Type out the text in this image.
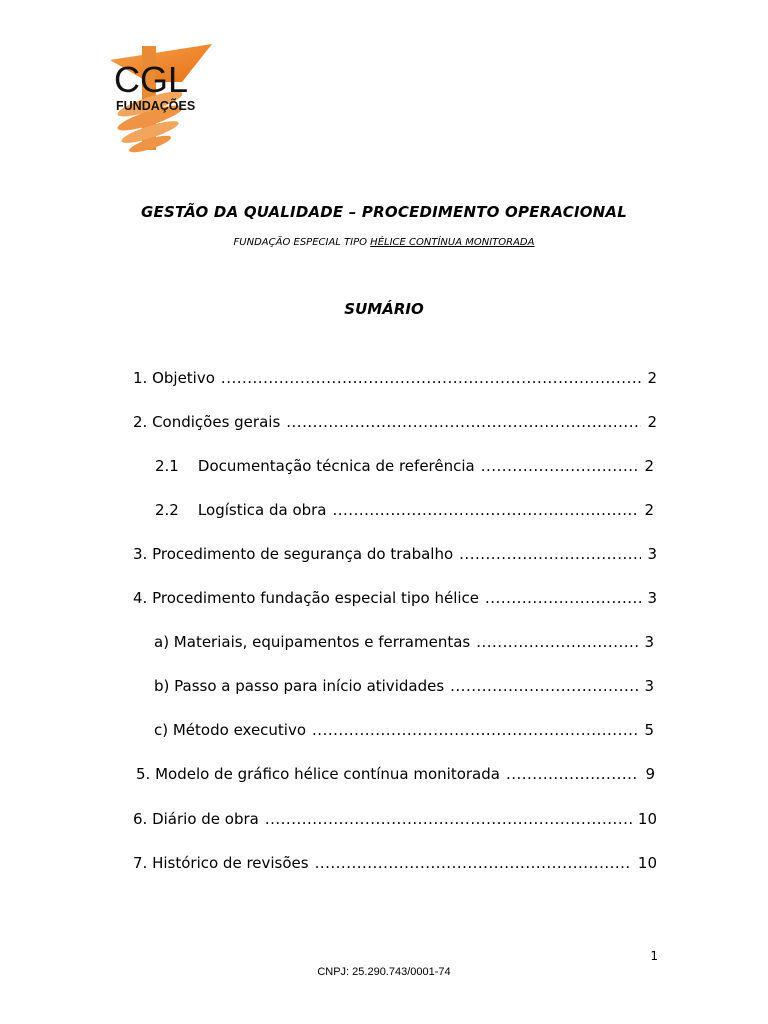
CGL
FUNDAÇÕES
GESTÃO DA QUALIDADE – PROCEDIMENTO OPERACIONAL
FUNDAÇÃO ESPECIAL TIPO HÉLICE CONTÍNUA MONITORADA
SUMÁRIO
1. Objetivo .....	2
2. Condições gerais .....	2
2.1    Documentação técnica de referência .....	2
2.2    Logística da obra .....	2
3. Procedimento de segurança do trabalho .....	3
4. Procedimento fundação especial tipo hélice .....	3
a) Materiais, equipamentos e ferramentas .....	3
b) Passo a passo para início atividades .....	3
c) Método executivo .....	5
5. Modelo de gráfico hélice contínua monitorada .....	9
6. Diário de obra .....	10
7. Histórico de revisões .....	10
1
CNPJ: 25.290.743/0001-74
